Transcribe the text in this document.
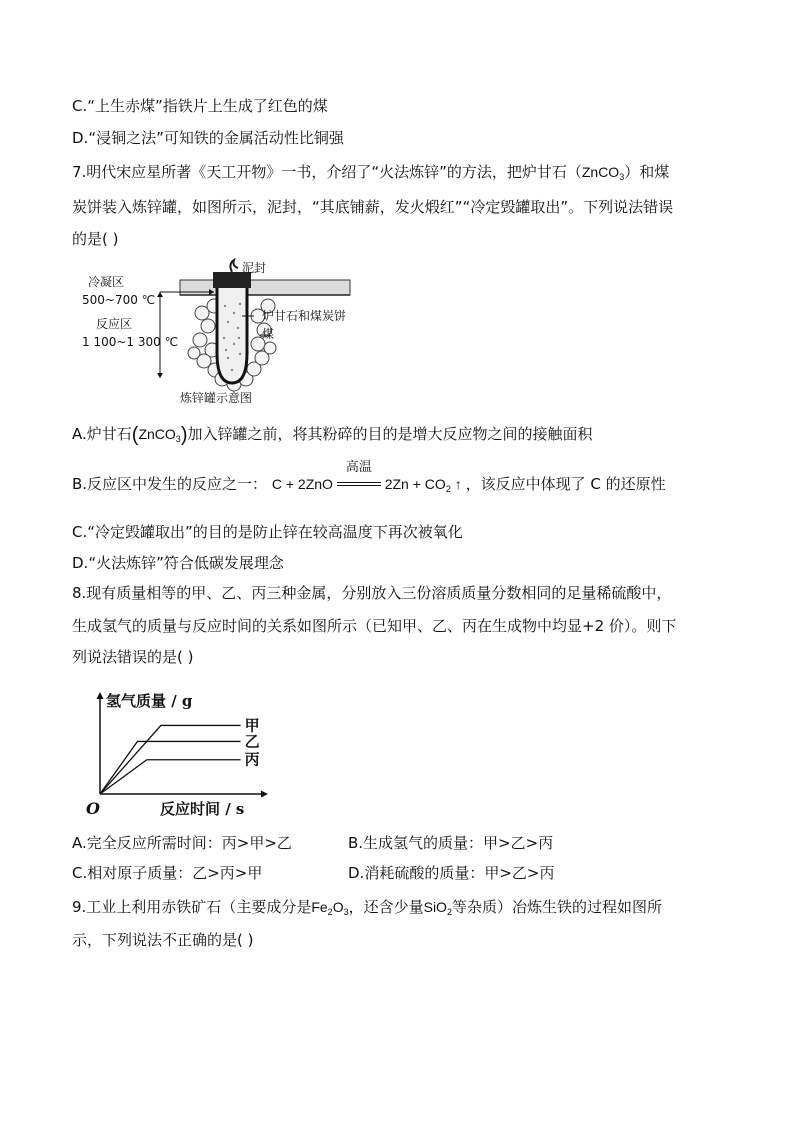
C.“上生赤煤”指铁片上生成了红色的煤
D.“浸铜之法”可知铁的金属活动性比铜强
7.明代宋应星所著《天工开物》一书，介绍了“火法炼锌”的方法，把炉甘石（ZnCO$_3$）和煤
炭饼装入炼锌罐，如图所示，泥封，“其底铺薪，发火煅红”“冷定毁罐取出”。下列说法错误
的是( )
泥封
冷凝区
500~700 ℃
反应区
1 100~1 300 ℃
炉甘石和煤炭饼
煤
炼锌罐示意图
A.炉甘石(ZnCO$_3$)加入锌罐之前，将其粉碎的目的是增大反应物之间的接触面积
B.反应区中发生的反应之一： C + 2ZnO
高温
$2Zn + CO_2$ ↑ ，该反应中体现了 C 的还原性
C.“冷定毁罐取出”的目的是防止锌在较高温度下再次被氧化
D.“火法炼锌”符合低碳发展理念
8.现有质量相等的甲、乙、丙三种金属，分别放入三份溶质质量分数相同的足量稀硫酸中，
生成氢气的质量与反应时间的关系如图所示（已知甲、乙、丙在生成物中均显+2 价）。则下
列说法错误的是( )
氢气质量 / g
反应时间 / s
O
甲
乙
丙
A.完全反应所需时间：丙>甲>乙	B.生成氢气的质量：甲>乙>丙
C.相对原子质量：乙>丙>甲	D.消耗硫酸的质量：甲>乙>丙
9.工业上利用赤铁矿石（主要成分是$Fe_2O_3$，还含少量SiO$_2$等杂质）冶炼生铁的过程如图所
示，下列说法不正确的是( )
